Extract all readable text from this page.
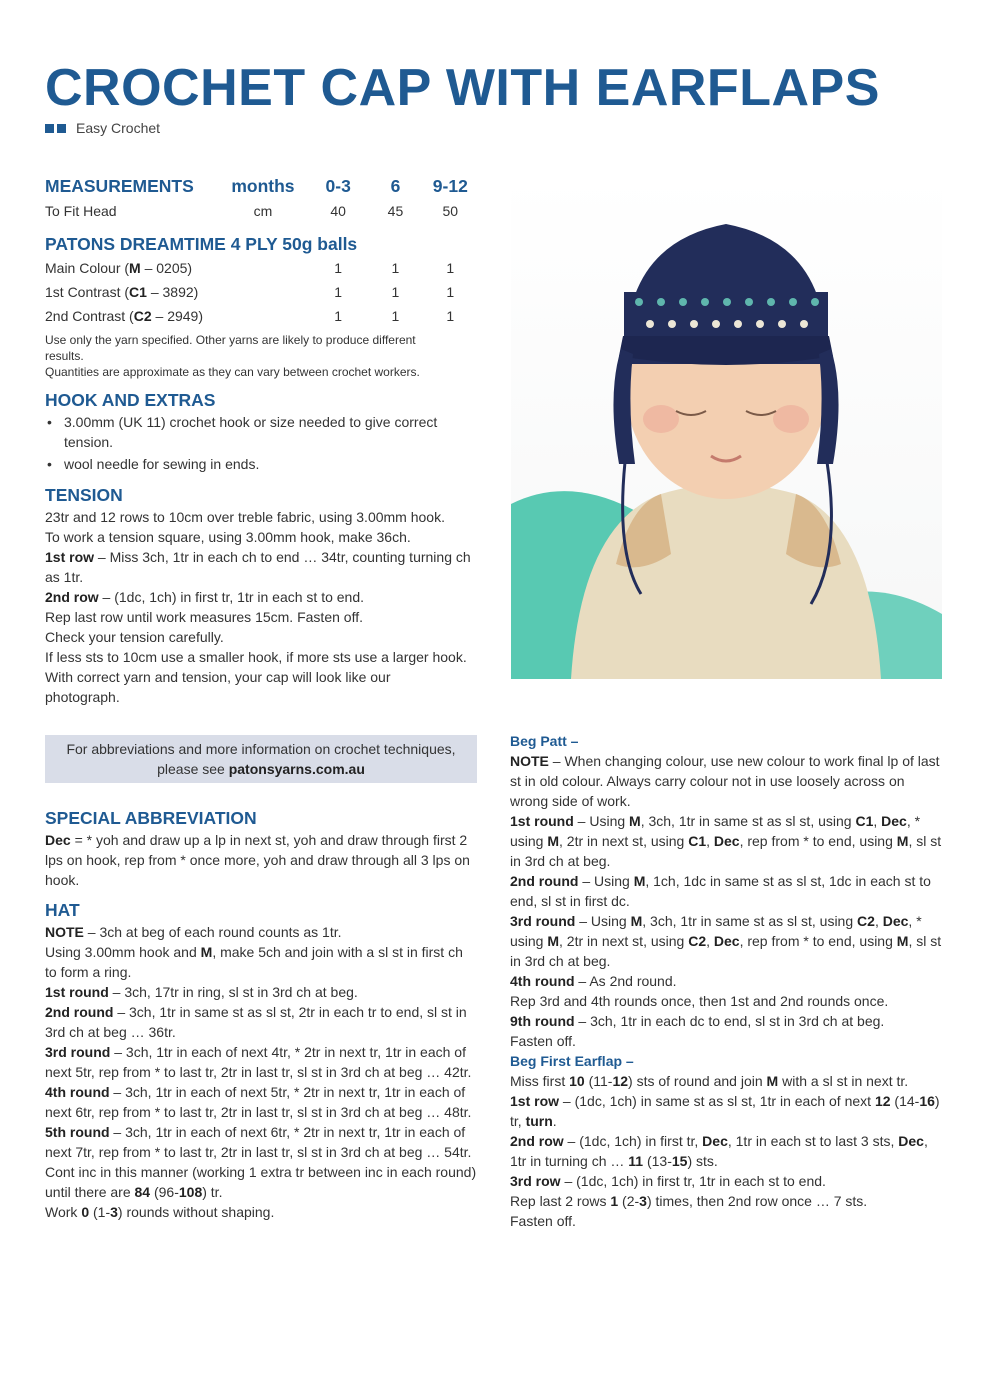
CROCHET CAP WITH EARFLAPS
Easy Crochet
MEASUREMENTS	months	0-3	6	9-12
To Fit Head	cm	40	45	50
PATONS DREAMTIME 4 PLY 50g balls
Main Colour (M – 0205)	1	1	1
1st Contrast (C1 – 3892)	1	1	1
2nd Contrast (C2 – 2949)	1	1	1

Use only the yarn specified. Other yarns are likely to produce different results.

Quantities are approximate as they can vary between crochet workers.

HOOK AND EXTRAS
• 3.00mm (UK 11) crochet hook or size needed to give correct tension.
• wool needle for sewing in ends.
TENSION

23tr and 12 rows to 10cm over treble fabric, using 3.00mm hook.

To work a tension square, using 3.00mm hook, make 36ch.

1st row – Miss 3ch, 1tr in each ch to end … 34tr, counting turning ch as 1tr.

2nd row – (1dc, 1ch) in first tr, 1tr in each st to end.

Rep last row until work measures 15cm. Fasten off.

Check your tension carefully.

If less sts to 10cm use a smaller hook, if more sts use a larger hook.

With correct yarn and tension, your cap will look like our photograph.

For abbreviations and more information on crochet techniques, please see patonsyarns.com.au
SPECIAL ABBREVIATION

Dec = * yoh and draw up a lp in next st, yoh and draw through first 2 lps on hook, rep from * once more, yoh and draw through all 3 lps on hook.

HAT

NOTE – 3ch at beg of each round counts as 1tr.

Using 3.00mm hook and M, make 5ch and join with a sl st in first ch to form a ring.

1st round – 3ch, 17tr in ring, sl st in 3rd ch at beg.

2nd round – 3ch, 1tr in same st as sl st, 2tr in each tr to end, sl st in 3rd ch at beg … 36tr.

3rd round – 3ch, 1tr in each of next 4tr, * 2tr in next tr, 1tr in each of next 5tr, rep from * to last tr, 2tr in last tr, sl st in 3rd ch at beg … 42tr.

4th round – 3ch, 1tr in each of next 5tr, * 2tr in next tr, 1tr in each of next 6tr, rep from * to last tr, 2tr in last tr, sl st in 3rd ch at beg … 48tr.

5th round – 3ch, 1tr in each of next 6tr, * 2tr in next tr, 1tr in each of next 7tr, rep from * to last tr, 2tr in last tr, sl st in 3rd ch at beg … 54tr.

Cont inc in this manner (working 1 extra tr between inc in each round) until there are 84 (96-108) tr.

Work 0 (1-3) rounds without shaping.

Beg Patt –

NOTE – When changing colour, use new colour to work final lp of last st in old colour. Always carry colour not in use loosely across on wrong side of work.

1st round – Using M, 3ch, 1tr in same st as sl st, using C1, Dec, * using M, 2tr in next st, using C1, Dec, rep from * to end, using M, sl st in 3rd ch at beg.

2nd round – Using M, 1ch, 1dc in same st as sl st, 1dc in each st to end, sl st in first dc.

3rd round – Using M, 3ch, 1tr in same st as sl st, using C2, Dec, * using M, 2tr in next st, using C2, Dec, rep from * to end, using M, sl st in 3rd ch at beg.

4th round – As 2nd round.

Rep 3rd and 4th rounds once, then 1st and 2nd rounds once.

9th round – 3ch, 1tr in each dc to end, sl st in 3rd ch at beg.

Fasten off.

Beg First Earflap –

Miss first 10 (11-12) sts of round and join M with a sl st in next tr.

1st row – (1dc, 1ch) in same st as sl st, 1tr in each of next 12 (14-16) tr, turn.

2nd row – (1dc, 1ch) in first tr, Dec, 1tr in each st to last 3 sts, Dec, 1tr in turning ch … 11 (13-15) sts.

3rd row – (1dc, 1ch) in first tr, 1tr in each st to end.

Rep last 2 rows 1 (2-3) times, then 2nd row once … 7 sts.

Fasten off.
